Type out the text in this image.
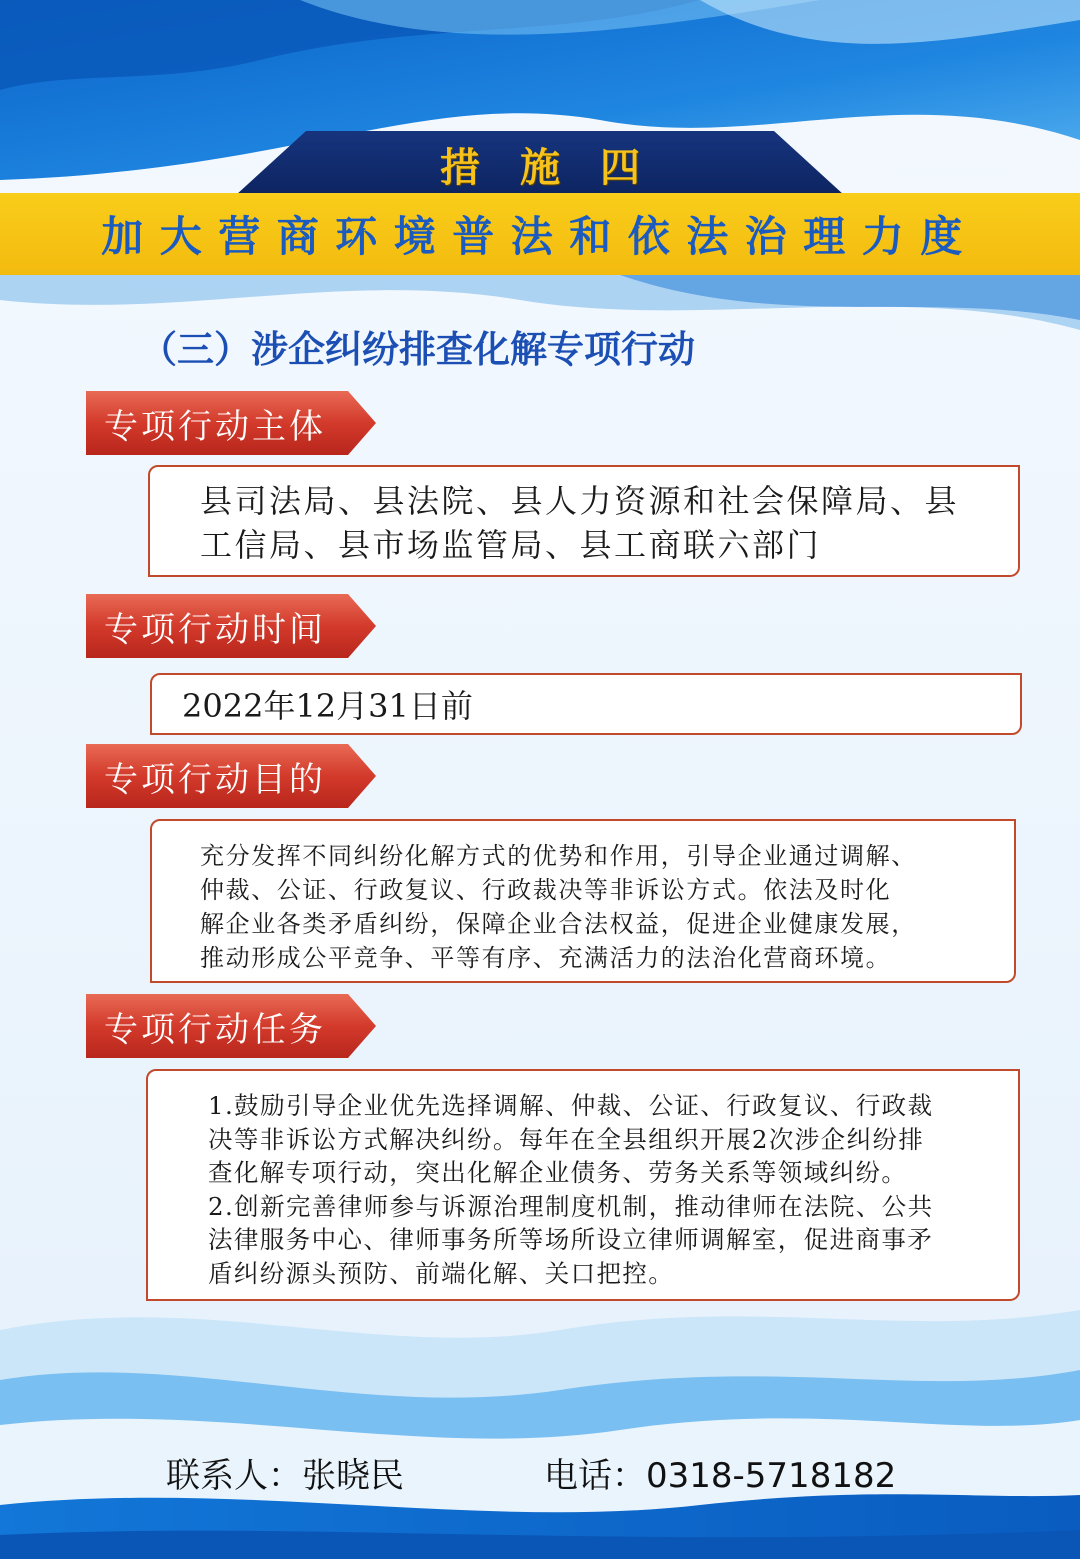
措施四
加大营商环境普法和依法治理力度
（三）涉企纠纷排查化解专项行动
专项行动主体
县司法局、县法院、县人力资源和社会保障局、县
工信局、县市场监管局、县工商联六部门
专项行动时间
2022年12月31日前
专项行动目的
充分发挥不同纠纷化解方式的优势和作用，引导企业通过调解、
仲裁、公证、行政复议、行政裁决等非诉讼方式。依法及时化
解企业各类矛盾纠纷，保障企业合法权益，促进企业健康发展，
推动形成公平竞争、平等有序、充满活力的法治化营商环境。
专项行动任务
1.鼓励引导企业优先选择调解、仲裁、公证、行政复议、行政裁
决等非诉讼方式解决纠纷。每年在全县组织开展2次涉企纠纷排
查化解专项行动，突出化解企业债务、劳务关系等领域纠纷。
2.创新完善律师参与诉源治理制度机制，推动律师在法院、公共
法律服务中心、律师事务所等场所设立律师调解室，促进商事矛
盾纠纷源头预防、前端化解、关口把控。
联系人：张晓民	电话：0318-5718182
